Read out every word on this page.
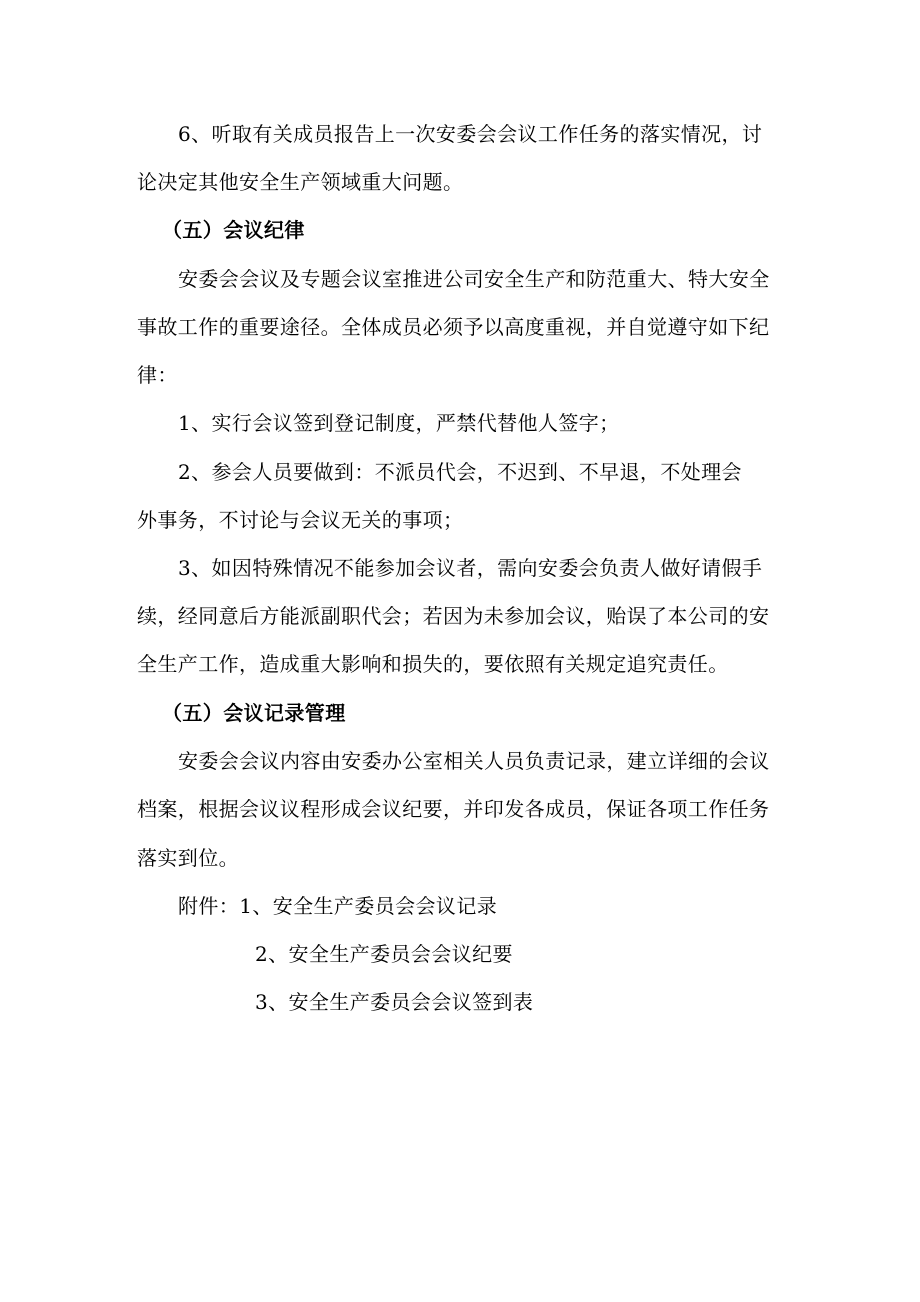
6、听取有关成员报告上一次安委会会议工作任务的落实情况，讨
论决定其他安全生产领域重大问题。
（五）会议纪律
安委会会议及专题会议室推进公司安全生产和防范重大、特大安全
事故工作的重要途径。全体成员必须予以高度重视，并自觉遵守如下纪
律：
1、实行会议签到登记制度，严禁代替他人签字；
2、参会人员要做到：不派员代会，不迟到、不早退，不处理会
外事务，不讨论与会议无关的事项；
3、如因特殊情况不能参加会议者，需向安委会负责人做好请假手
续，经同意后方能派副职代会；若因为未参加会议，贻误了本公司的安
全生产工作，造成重大影响和损失的，要依照有关规定追究责任。
（五）会议记录管理
安委会会议内容由安委办公室相关人员负责记录，建立详细的会议
档案，根据会议议程形成会议纪要，并印发各成员，保证各项工作任务
落实到位。
附件：1、安全生产委员会会议记录
2、安全生产委员会会议纪要
3、安全生产委员会会议签到表
